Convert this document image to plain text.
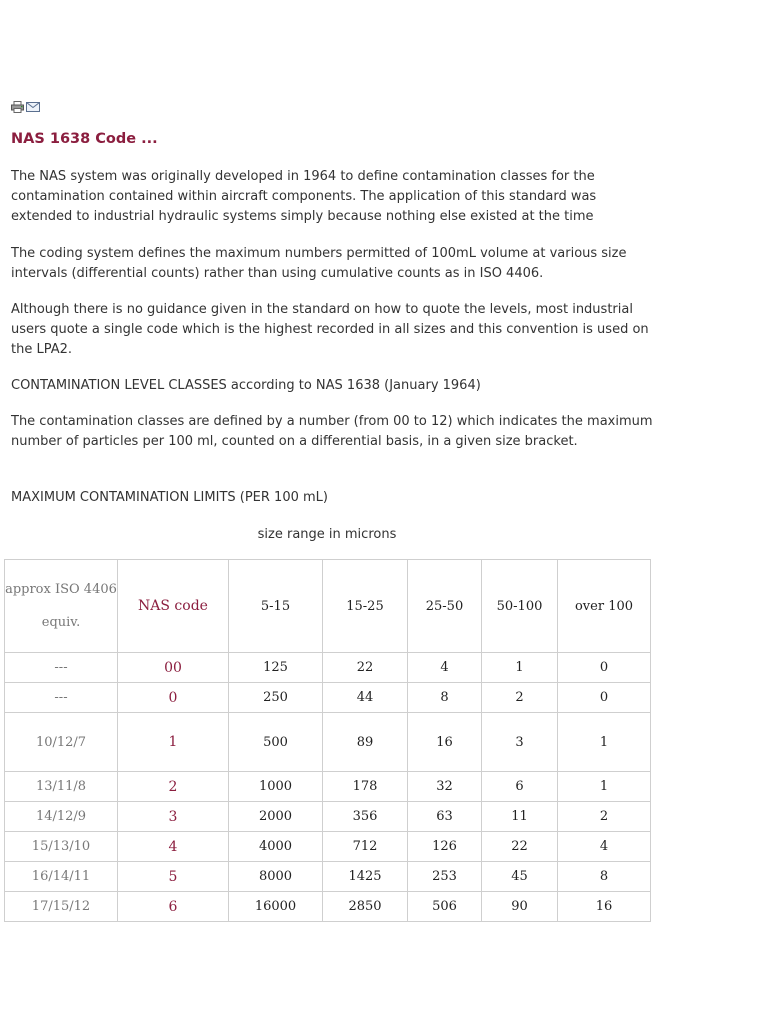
NAS 1638 Code ...

The NAS system was originally developed in 1964 to define contamination classes for the contamination contained within aircraft components. The application of this standard was extended to industrial hydraulic systems simply because nothing else existed at the time

The coding system defines the maximum numbers permitted of 100mL volume at various size intervals (differential counts) rather than using cumulative counts as in ISO 4406.

Although there is no guidance given in the standard on how to quote the levels, most industrial users quote a single code which is the highest recorded in all sizes and this convention is used on the LPA2.

CONTAMINATION LEVEL CLASSES according to NAS 1638 (January 1964)

The contamination classes are defined by a number (from 00 to 12) which indicates the maximum number of particles per 100 ml, counted on a differential basis, in a given size bracket.

MAXIMUM CONTAMINATION LIMITS (PER 100 mL)

size range in microns

approx ISO 4406 equiv.	NAS code	5-15	15-25	25-50	50-100	over 100
---	00	125	22	4	1	0
---	0	250	44	8	2	0
10/12/7	1	500	89	16	3	1
13/11/8	2	1000	178	32	6	1
14/12/9	3	2000	356	63	11	2
15/13/10	4	4000	712	126	22	4
16/14/11	5	8000	1425	253	45	8
17/15/12	6	16000	2850	506	90	16
